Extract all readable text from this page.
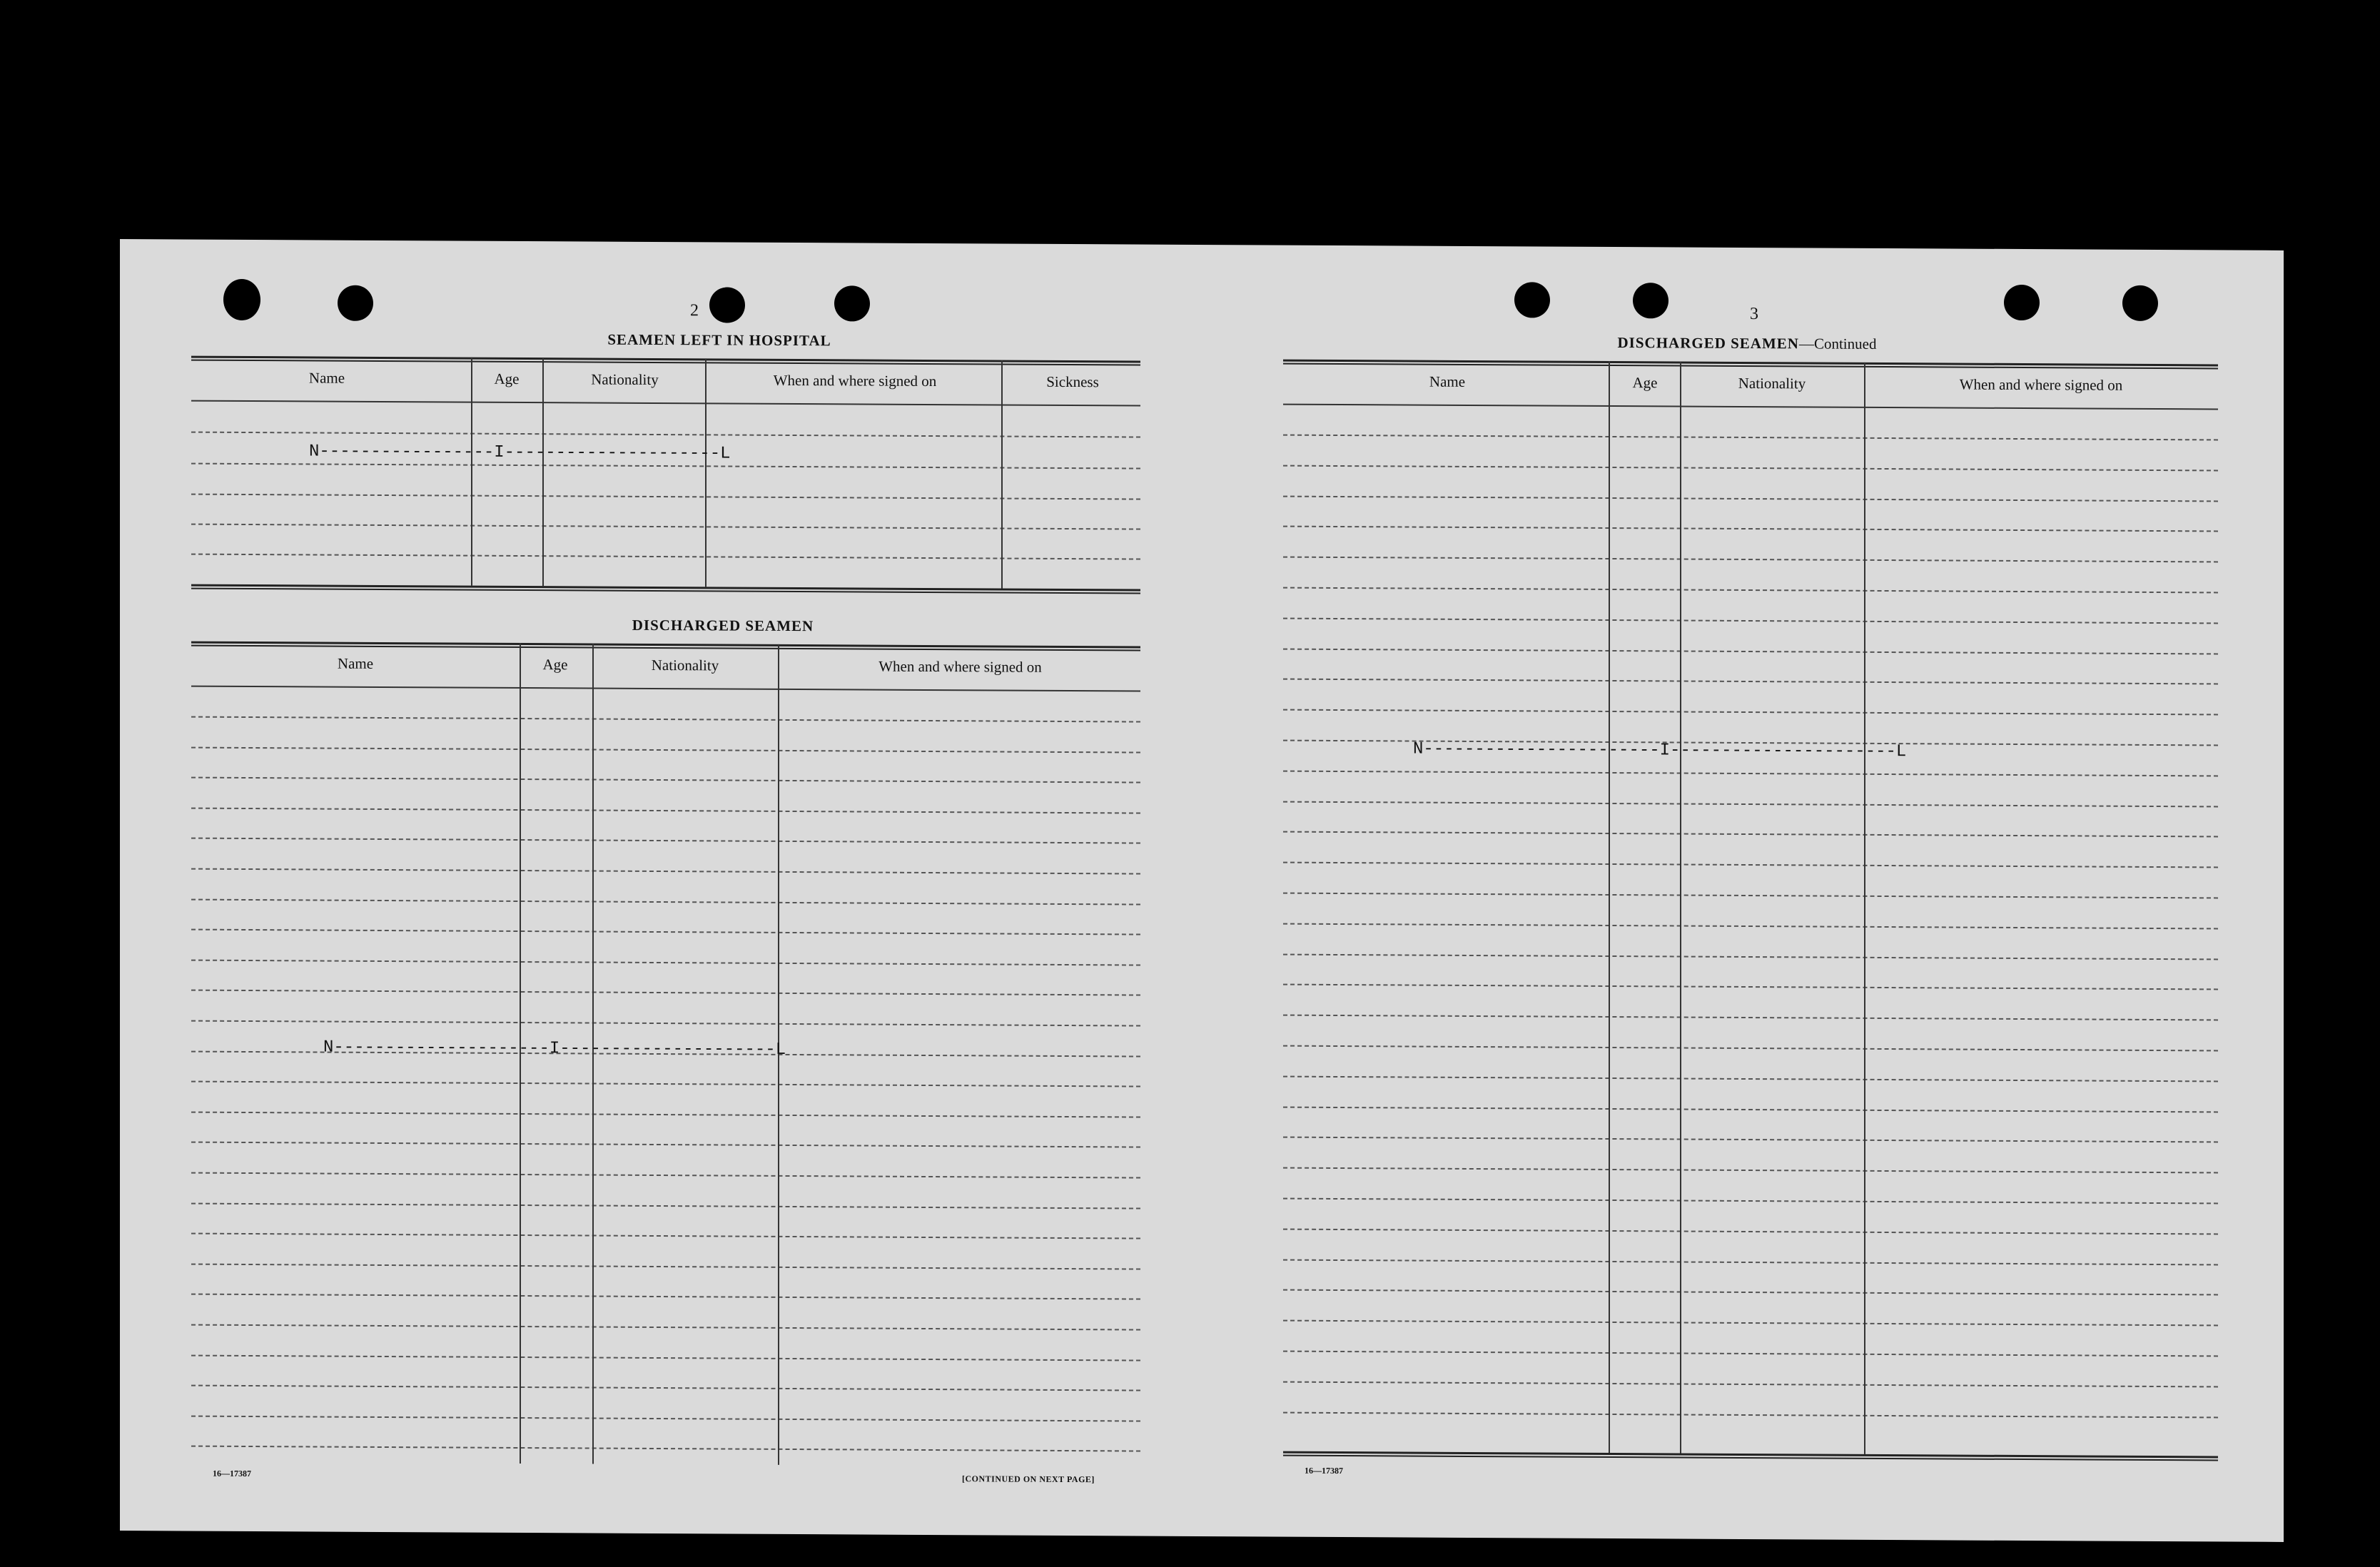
2
SEAMEN LEFT IN HOSPITAL
Name	Age	Nationality	When and where signed on	Sickness
N-----------------I---------------------L
DISCHARGED SEAMEN
Name	Age	Nationality	When and where signed on
N---------------------I---------------------L
16—17387
[CONTINUED ON NEXT PAGE]
3
DISCHARGED SEAMEN—Continued
Name	Age	Nationality	When and where signed on
N-----------------------I----------------------L
16—17387
